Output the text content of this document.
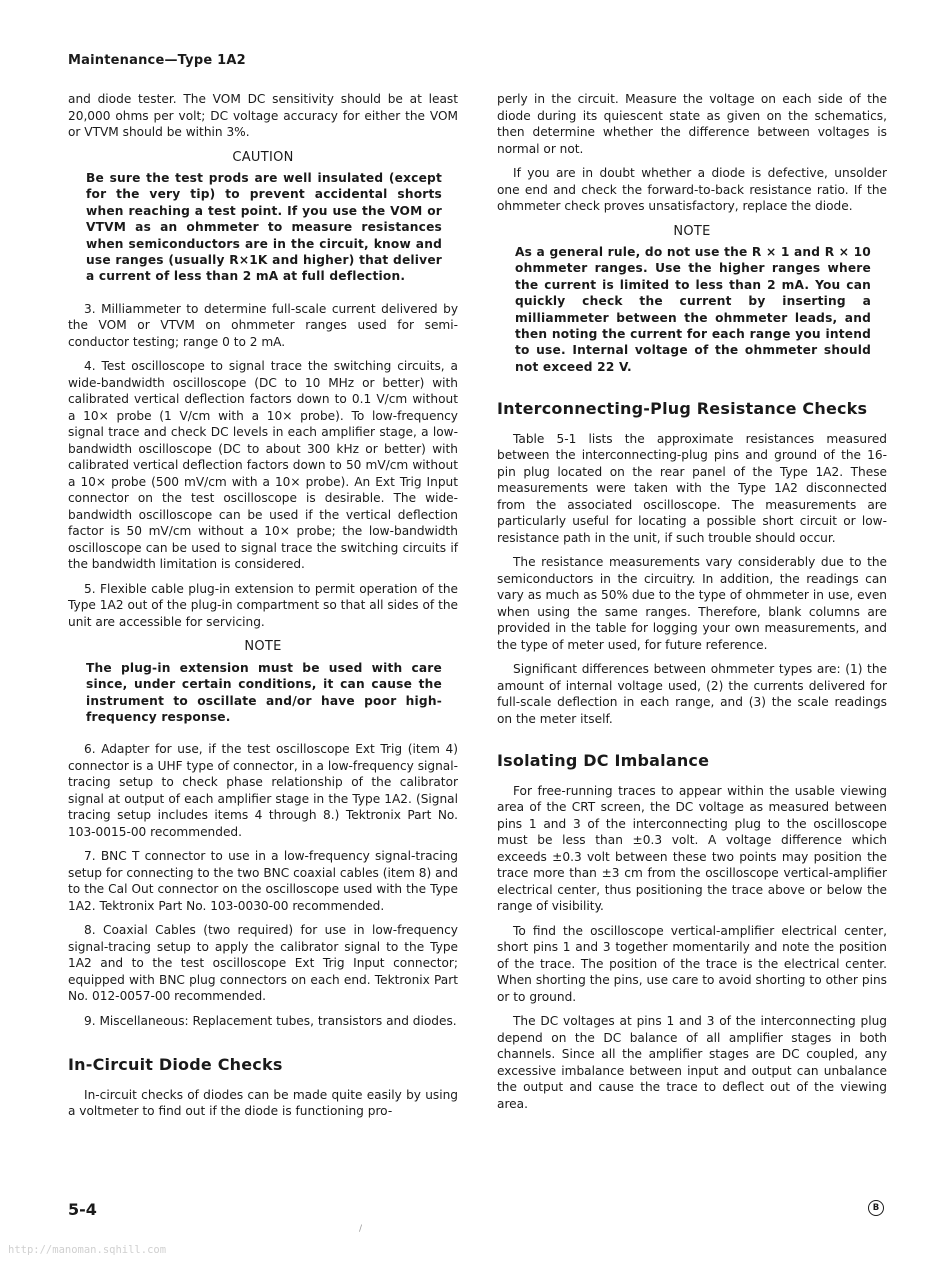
Maintenance—Type 1A2

and diode tester. The VOM DC sensitivity should be at least 20,000 ohms per volt; DC voltage accuracy for either the VOM or VTVM should be within 3%.

CAUTION
Be sure the test prods are well insulated (except for the very tip) to prevent accidental shorts when reaching a test point. If you use the VOM or VTVM as an ohmmeter to measure resistances when semiconductors are in the circuit, know and use ranges (usually R×1K and higher) that deliver a current of less than 2 mA at full deflection.

3. Milliammeter to determine full-scale current delivered by the VOM or VTVM on ohmmeter ranges used for semi-conductor testing; range 0 to 2 mA.

4. Test oscilloscope to signal trace the switching circuits, a wide-bandwidth oscilloscope (DC to 10 MHz or better) with calibrated vertical deflection factors down to 0.1 V/cm without a 10× probe (1 V/cm with a 10× probe). To low-frequency signal trace and check DC levels in each amplifier stage, a low-bandwidth oscilloscope (DC to about 300 kHz or better) with calibrated vertical deflection factors down to 50 mV/cm without a 10× probe (500 mV/cm with a 10× probe). An Ext Trig Input connector on the test oscilloscope is desirable. The wide-bandwidth oscilloscope can be used if the vertical deflection factor is 50 mV/cm without a 10× probe; the low-bandwidth oscilloscope can be used to signal trace the switching circuits if the bandwidth limitation is considered.

5. Flexible cable plug-in extension to permit operation of the Type 1A2 out of the plug-in compartment so that all sides of the unit are accessible for servicing.

NOTE
The plug-in extension must be used with care since, under certain conditions, it can cause the instrument to oscillate and/or have poor high-frequency response.

6. Adapter for use, if the test oscilloscope Ext Trig (item 4) connector is a UHF type of connector, in a low-frequency signal-tracing setup to check phase relationship of the calibrator signal at output of each amplifier stage in the Type 1A2. (Signal tracing setup includes items 4 through 8.) Tektronix Part No. 103-0015-00 recommended.

7. BNC T connector to use in a low-frequency signal-tracing setup for connecting to the two BNC coaxial cables (item 8) and to the Cal Out connector on the oscilloscope used with the Type 1A2. Tektronix Part No. 103-0030-00 recommended.

8. Coaxial Cables (two required) for use in low-frequency signal-tracing setup to apply the calibrator signal to the Type 1A2 and to the test oscilloscope Ext Trig Input connector; equipped with BNC plug connectors on each end. Tektronix Part No. 012-0057-00 recommended.

9. Miscellaneous: Replacement tubes, transistors and diodes.

In-Circuit Diode Checks

In-circuit checks of diodes can be made quite easily by using a voltmeter to find out if the diode is functioning pro-

perly in the circuit. Measure the voltage on each side of the diode during its quiescent state as given on the schematics, then determine whether the difference between voltages is normal or not.

If you are in doubt whether a diode is defective, unsolder one end and check the forward-to-back resistance ratio. If the ohmmeter check proves unsatisfactory, replace the diode.

NOTE
As a general rule, do not use the R × 1 and R × 10 ohmmeter ranges. Use the higher ranges where the current is limited to less than 2 mA. You can quickly check the current by inserting a milliammeter between the ohmmeter leads, and then noting the current for each range you intend to use. Internal voltage of the ohmmeter should not exceed 22 V.
Interconnecting-Plug Resistance Checks

Table 5-1 lists the approximate resistances measured between the interconnecting-plug pins and ground of the 16-pin plug located on the rear panel of the Type 1A2. These measurements were taken with the Type 1A2 disconnected from the associated oscilloscope. The measurements are particularly useful for locating a possible short circuit or low-resistance path in the unit, if such trouble should occur.

The resistance measurements vary considerably due to the semiconductors in the circuitry. In addition, the readings can vary as much as 50% due to the type of ohmmeter in use, even when using the same ranges. Therefore, blank columns are provided in the table for logging your own measurements, and the type of meter used, for future reference.

Significant differences between ohmmeter types are: (1) the amount of internal voltage used, (2) the currents delivered for full-scale deflection in each range, and (3) the scale readings on the meter itself.

Isolating DC Imbalance

For free-running traces to appear within the usable viewing area of the CRT screen, the DC voltage as measured between pins 1 and 3 of the interconnecting plug to the oscilloscope must be less than ±0.3 volt. A voltage difference which exceeds ±0.3 volt between these two points may position the trace more than ±3 cm from the oscilloscope vertical-amplifier electrical center, thus positioning the trace above or below the range of visibility.

To find the oscilloscope vertical-amplifier electrical center, short pins 1 and 3 together momentarily and note the position of the trace. The position of the trace is the electrical center. When shorting the pins, use care to avoid shorting to other pins or to ground.

The DC voltages at pins 1 and 3 of the interconnecting plug depend on the DC balance of all amplifier stages in both channels. Since all the amplifier stages are DC coupled, any excessive imbalance between input and output can unbalance the output and cause the trace to deflect out of the viewing area.

5-4	B
/
http://manoman.sqhill.com
